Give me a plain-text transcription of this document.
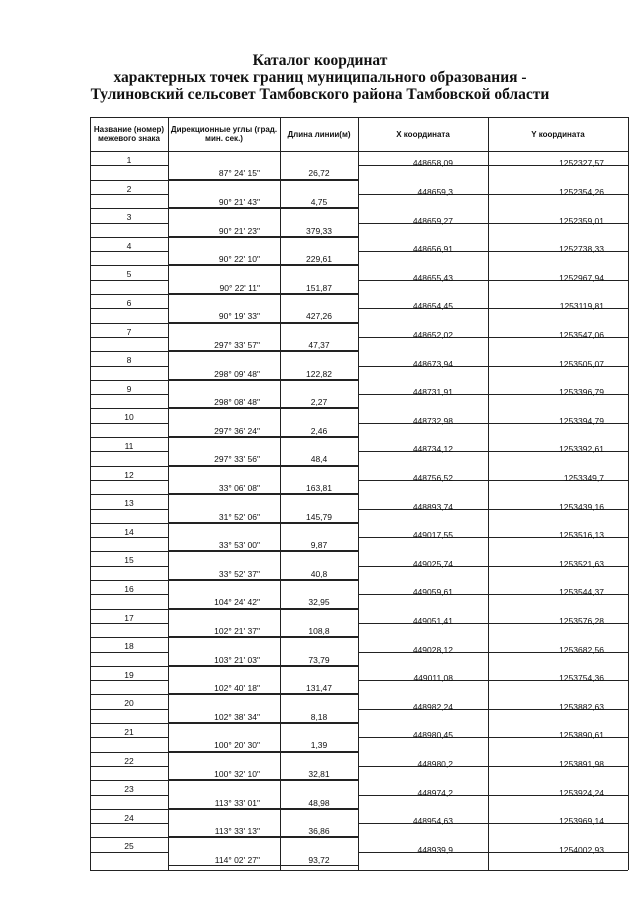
Каталог координат
характерных точек границ муниципального образования -
Тулиновский сельсовет Тамбовского района Тамбовской области
Название (номер) межевого знака
Дирекционные углы (град. мин. сек.)	Длина линии(м)	X координата	Y координата
1	448658,09	1252327,57
87° 24' 15"	26,72
2	448659,3	1252354,26
90° 21' 43"	4,75
3	448659,27	1252359,01
90° 21' 23"	379,33
4	448656,91	1252738,33
90° 22' 10"	229,61
5	448655,43	1252967,94
90° 22' 11"	151,87
6	448654,45	1253119,81
90° 19' 33"	427,26
7	448652,02	1253547,06
297° 33' 57"	47,37
8	448673,94	1253505,07
298° 09' 48"	122,82
9	448731,91	1253396,79
298° 08' 48"	2,27
10	448732,98	1253394,79
297° 36' 24"	2,46
11	448734,12	1253392,61
297° 33' 56"	48,4
12	448756,52	1253349,7
33° 06' 08"	163,81
13	448893,74	1253439,16
31° 52' 06"	145,79
14	449017,55	1253516,13
33° 53' 00"	9,87
15	449025,74	1253521,63
33° 52' 37"	40,8
16	449059,61	1253544,37
104° 24' 42"	32,95
17	449051,41	1253576,28
102° 21' 37"	108,8
18	449028,12	1253682,56
103° 21' 03"	73,79
19	449011,08	1253754,36
102° 40' 18"	131,47
20	448982,24	1253882,63
102° 38' 34"	8,18
21	448980,45	1253890,61
100° 20' 30"	1,39
22	448980,2	1253891,98
100° 32' 10"	32,81
23	448974,2	1253924,24
113° 33' 01"	48,98
24	448954,63	1253969,14
113° 33' 13"	36,86
25	448939,9	1254002,93
114° 02' 27"	93,72
